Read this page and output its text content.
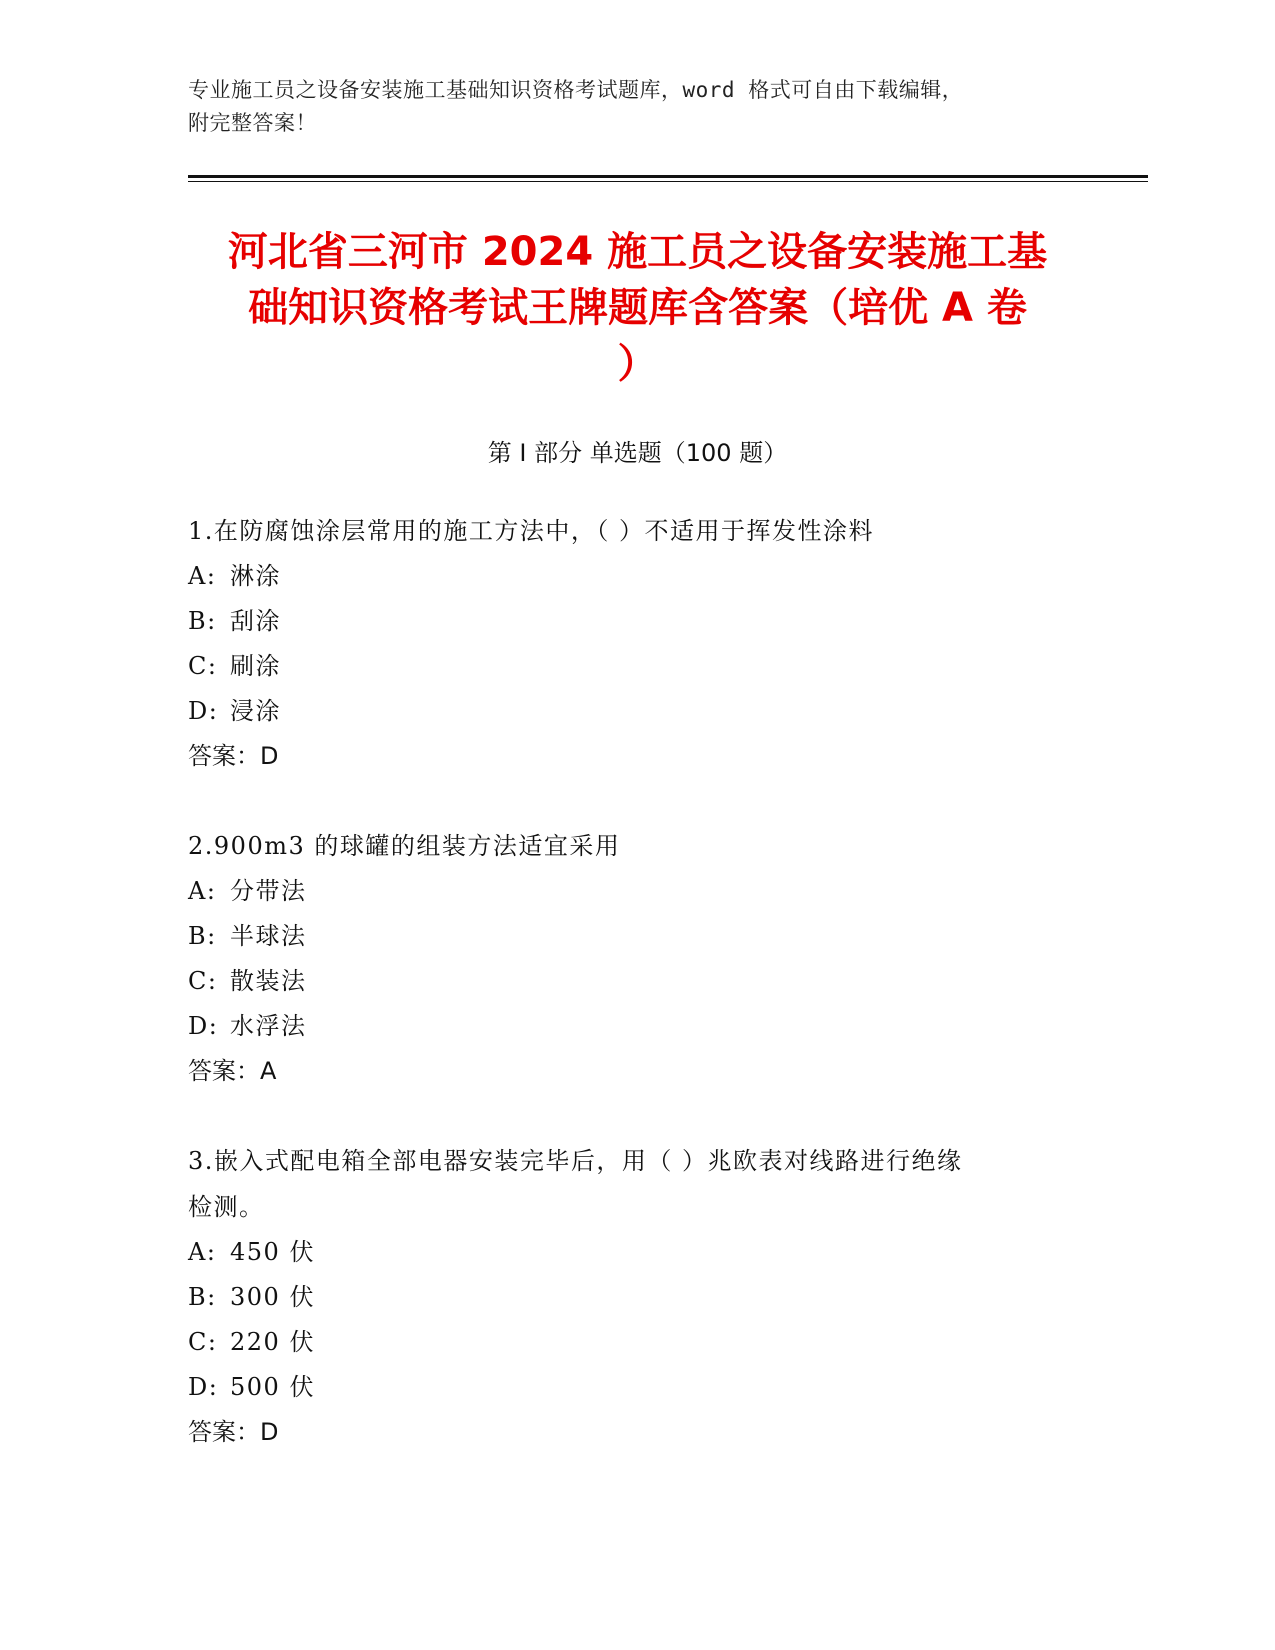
专业施工员之设备安装施工基础知识资格考试题库，word 格式可自由下载编辑，
附完整答案！
河北省三河市 2024 施工员之设备安装施工基
础知识资格考试王牌题库含答案（培优 A 卷
）
第 I 部分 单选题（100 题）
1.在防腐蚀涂层常用的施工方法中，（ ）不适用于挥发性涂料
A: 淋涂
B: 刮涂
C: 刷涂
D: 浸涂
答案：D
2.900m3 的球罐的组装方法适宜采用
A: 分带法
B: 半球法
C: 散装法
D: 水浮法
答案：A
3.嵌入式配电箱全部电器安装完毕后，用（ ）兆欧表对线路进行绝缘
检测。
A: 450 伏
B: 300 伏
C: 220 伏
D: 500 伏
答案：D
